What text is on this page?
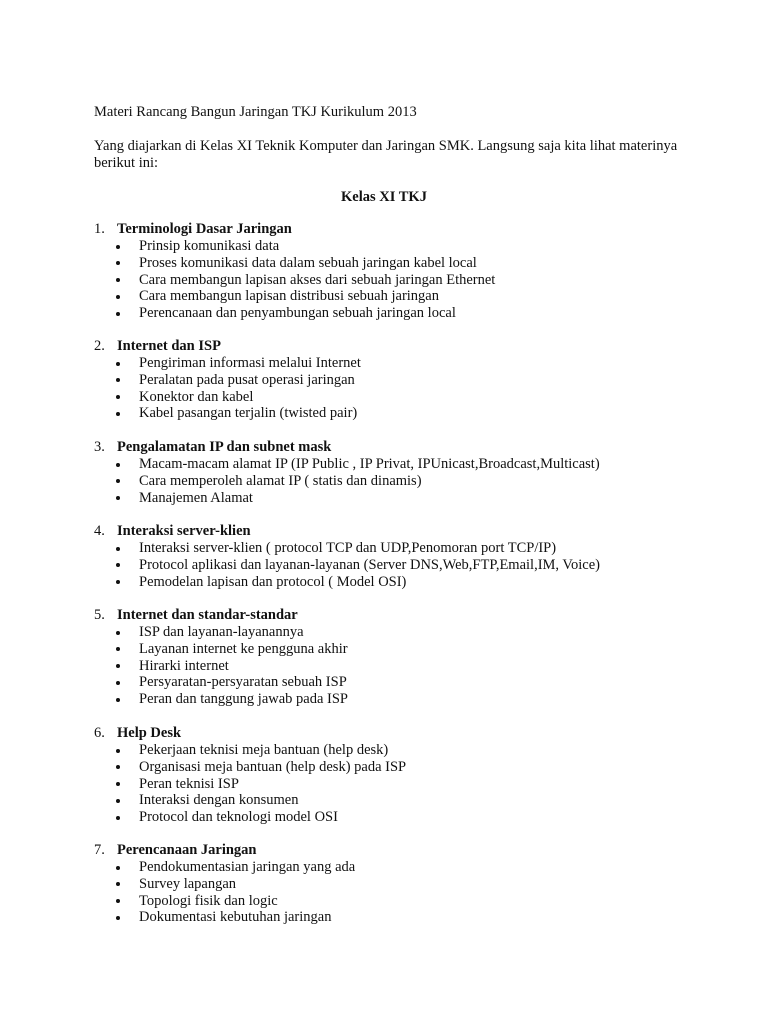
Materi Rancang Bangun Jaringan TKJ Kurikulum 2013
Yang diajarkan di Kelas XI Teknik Komputer dan Jaringan SMK. Langsung saja kita lihat materinya berikut ini:
Kelas XI TKJ
1. Terminologi Dasar Jaringan
Prinsip komunikasi data
Proses komunikasi data dalam sebuah jaringan kabel local
Cara membangun lapisan akses dari sebuah jaringan Ethernet
Cara membangun lapisan distribusi sebuah jaringan
Perencanaan dan penyambungan sebuah jaringan local
2. Internet dan ISP
Pengiriman informasi melalui Internet
Peralatan pada pusat operasi jaringan
Konektor dan kabel
Kabel pasangan terjalin (twisted pair)
3. Pengalamatan IP dan subnet mask
Macam-macam alamat IP (IP Public , IP Privat, IPUnicast,Broadcast,Multicast)
Cara memperoleh alamat IP ( statis dan dinamis)
Manajemen Alamat
4. Interaksi server-klien
Interaksi server-klien ( protocol TCP dan UDP,Penomoran port TCP/IP)
Protocol aplikasi dan layanan-layanan (Server DNS,Web,FTP,Email,IM, Voice)
Pemodelan lapisan dan protocol ( Model OSI)
5. Internet dan standar-standar
ISP dan layanan-layanannya
Layanan internet ke pengguna akhir
Hirarki internet
Persyaratan-persyaratan sebuah ISP
Peran dan tanggung jawab pada ISP
6. Help Desk
Pekerjaan teknisi meja bantuan (help desk)
Organisasi meja bantuan (help desk) pada ISP
Peran teknisi ISP
Interaksi dengan konsumen
Protocol dan teknologi model OSI
7. Perencanaan Jaringan
Pendokumentasian jaringan yang ada
Survey lapangan
Topologi fisik dan logic
Dokumentasi kebutuhan jaringan
